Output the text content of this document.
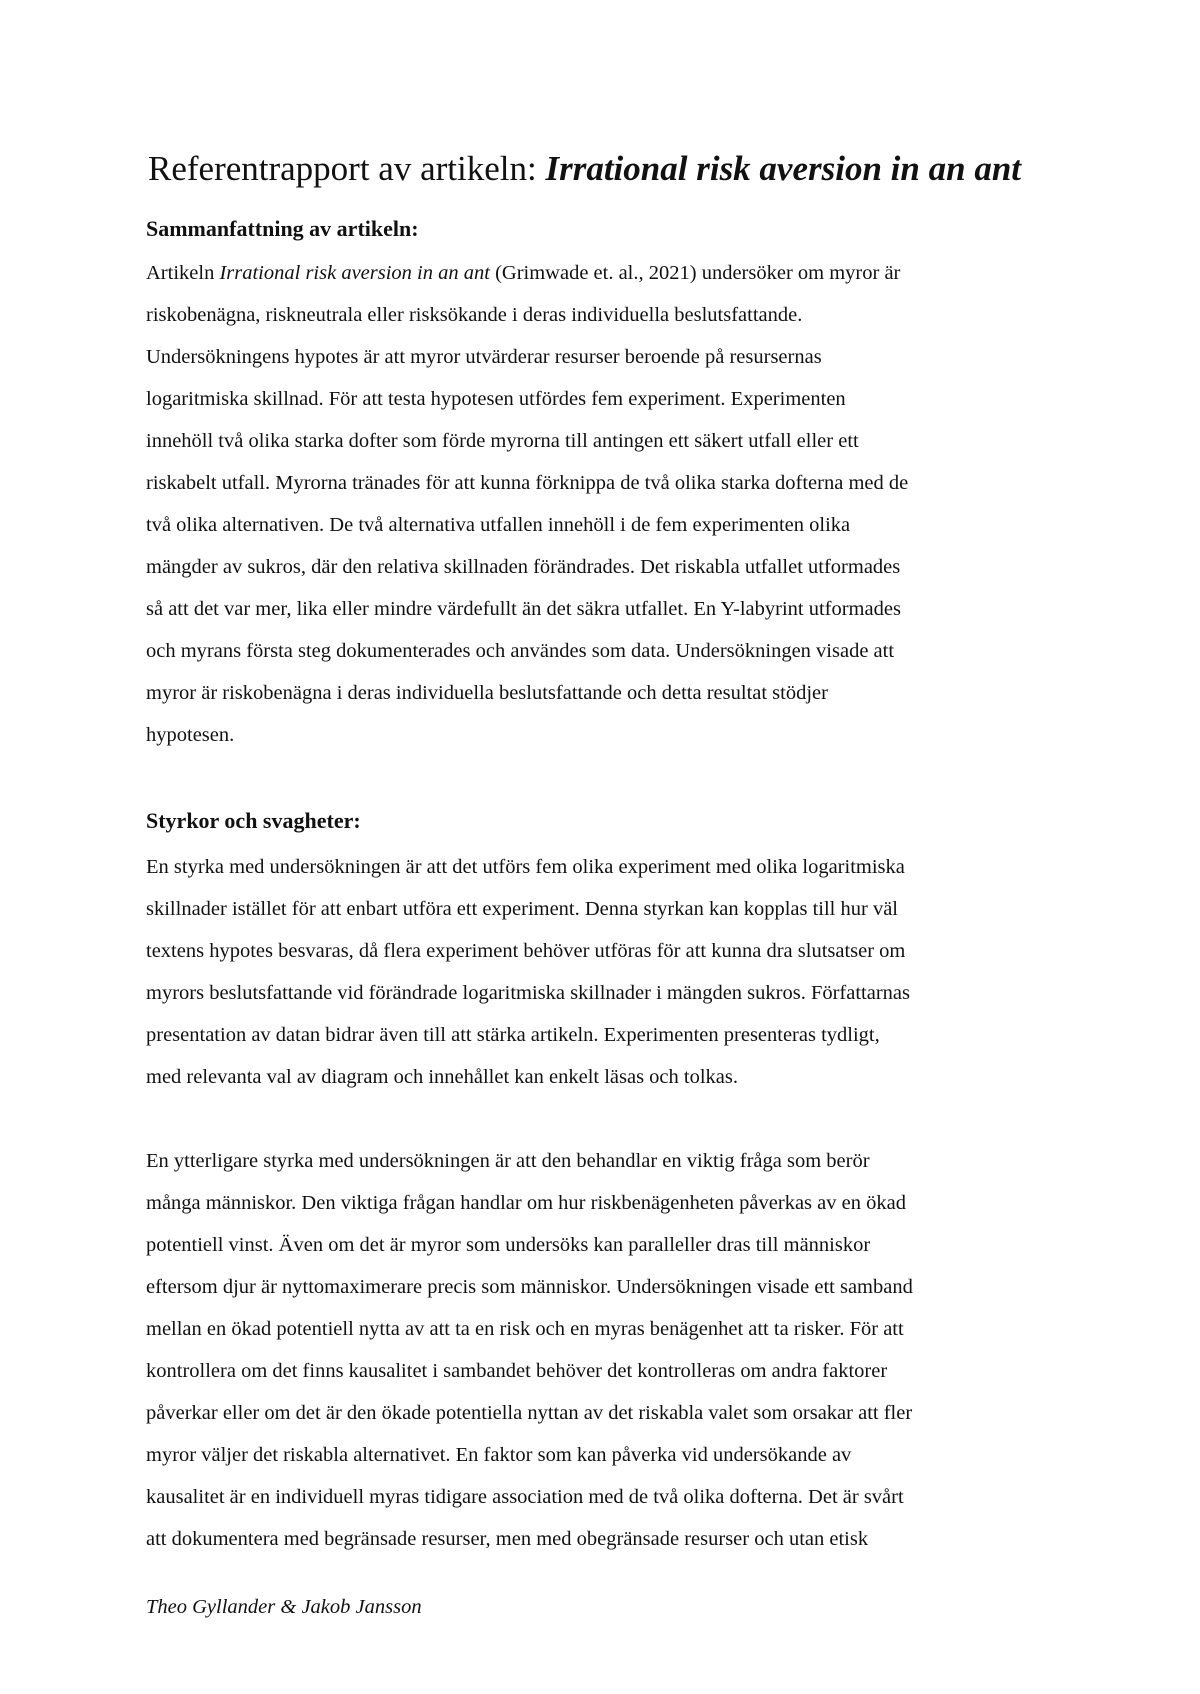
Referentrapport av artikeln: Irrational risk aversion in an ant
Sammanfattning av artikeln:
Artikeln Irrational risk aversion in an ant (Grimwade et. al., 2021) undersöker om myror är
riskobenägna, riskneutrala eller risksökande i deras individuella beslutsfattande.
Undersökningens hypotes är att myror utvärderar resurser beroende på resursernas
logaritmiska skillnad. För att testa hypotesen utfördes fem experiment. Experimenten
innehöll två olika starka dofter som förde myrorna till antingen ett säkert utfall eller ett
riskabelt utfall. Myrorna tränades för att kunna förknippa de två olika starka dofterna med de
två olika alternativen. De två alternativa utfallen innehöll i de fem experimenten olika
mängder av sukros, där den relativa skillnaden förändrades. Det riskabla utfallet utformades
så att det var mer, lika eller mindre värdefullt än det säkra utfallet. En Y-labyrint utformades
och myrans första steg dokumenterades och användes som data. Undersökningen visade att
myror är riskobenägna i deras individuella beslutsfattande och detta resultat stödjer
hypotesen.
Styrkor och svagheter:
En styrka med undersökningen är att det utförs fem olika experiment med olika logaritmiska
skillnader istället för att enbart utföra ett experiment. Denna styrkan kan kopplas till hur väl
textens hypotes besvaras, då flera experiment behöver utföras för att kunna dra slutsatser om
myrors beslutsfattande vid förändrade logaritmiska skillnader i mängden sukros. Författarnas
presentation av datan bidrar även till att stärka artikeln. Experimenten presenteras tydligt,
med relevanta val av diagram och innehållet kan enkelt läsas och tolkas.
En ytterligare styrka med undersökningen är att den behandlar en viktig fråga som berör
många människor. Den viktiga frågan handlar om hur riskbenägenheten påverkas av en ökad
potentiell vinst. Även om det är myror som undersöks kan paralleller dras till människor
eftersom djur är nyttomaximerare precis som människor. Undersökningen visade ett samband
mellan en ökad potentiell nytta av att ta en risk och en myras benägenhet att ta risker. För att
kontrollera om det finns kausalitet i sambandet behöver det kontrolleras om andra faktorer
påverkar eller om det är den ökade potentiella nyttan av det riskabla valet som orsakar att fler
myror väljer det riskabla alternativet. En faktor som kan påverka vid undersökande av
kausalitet är en individuell myras tidigare association med de två olika dofterna. Det är svårt
att dokumentera med begränsade resurser, men med obegränsade resurser och utan etisk
Theo Gyllander & Jakob Jansson
